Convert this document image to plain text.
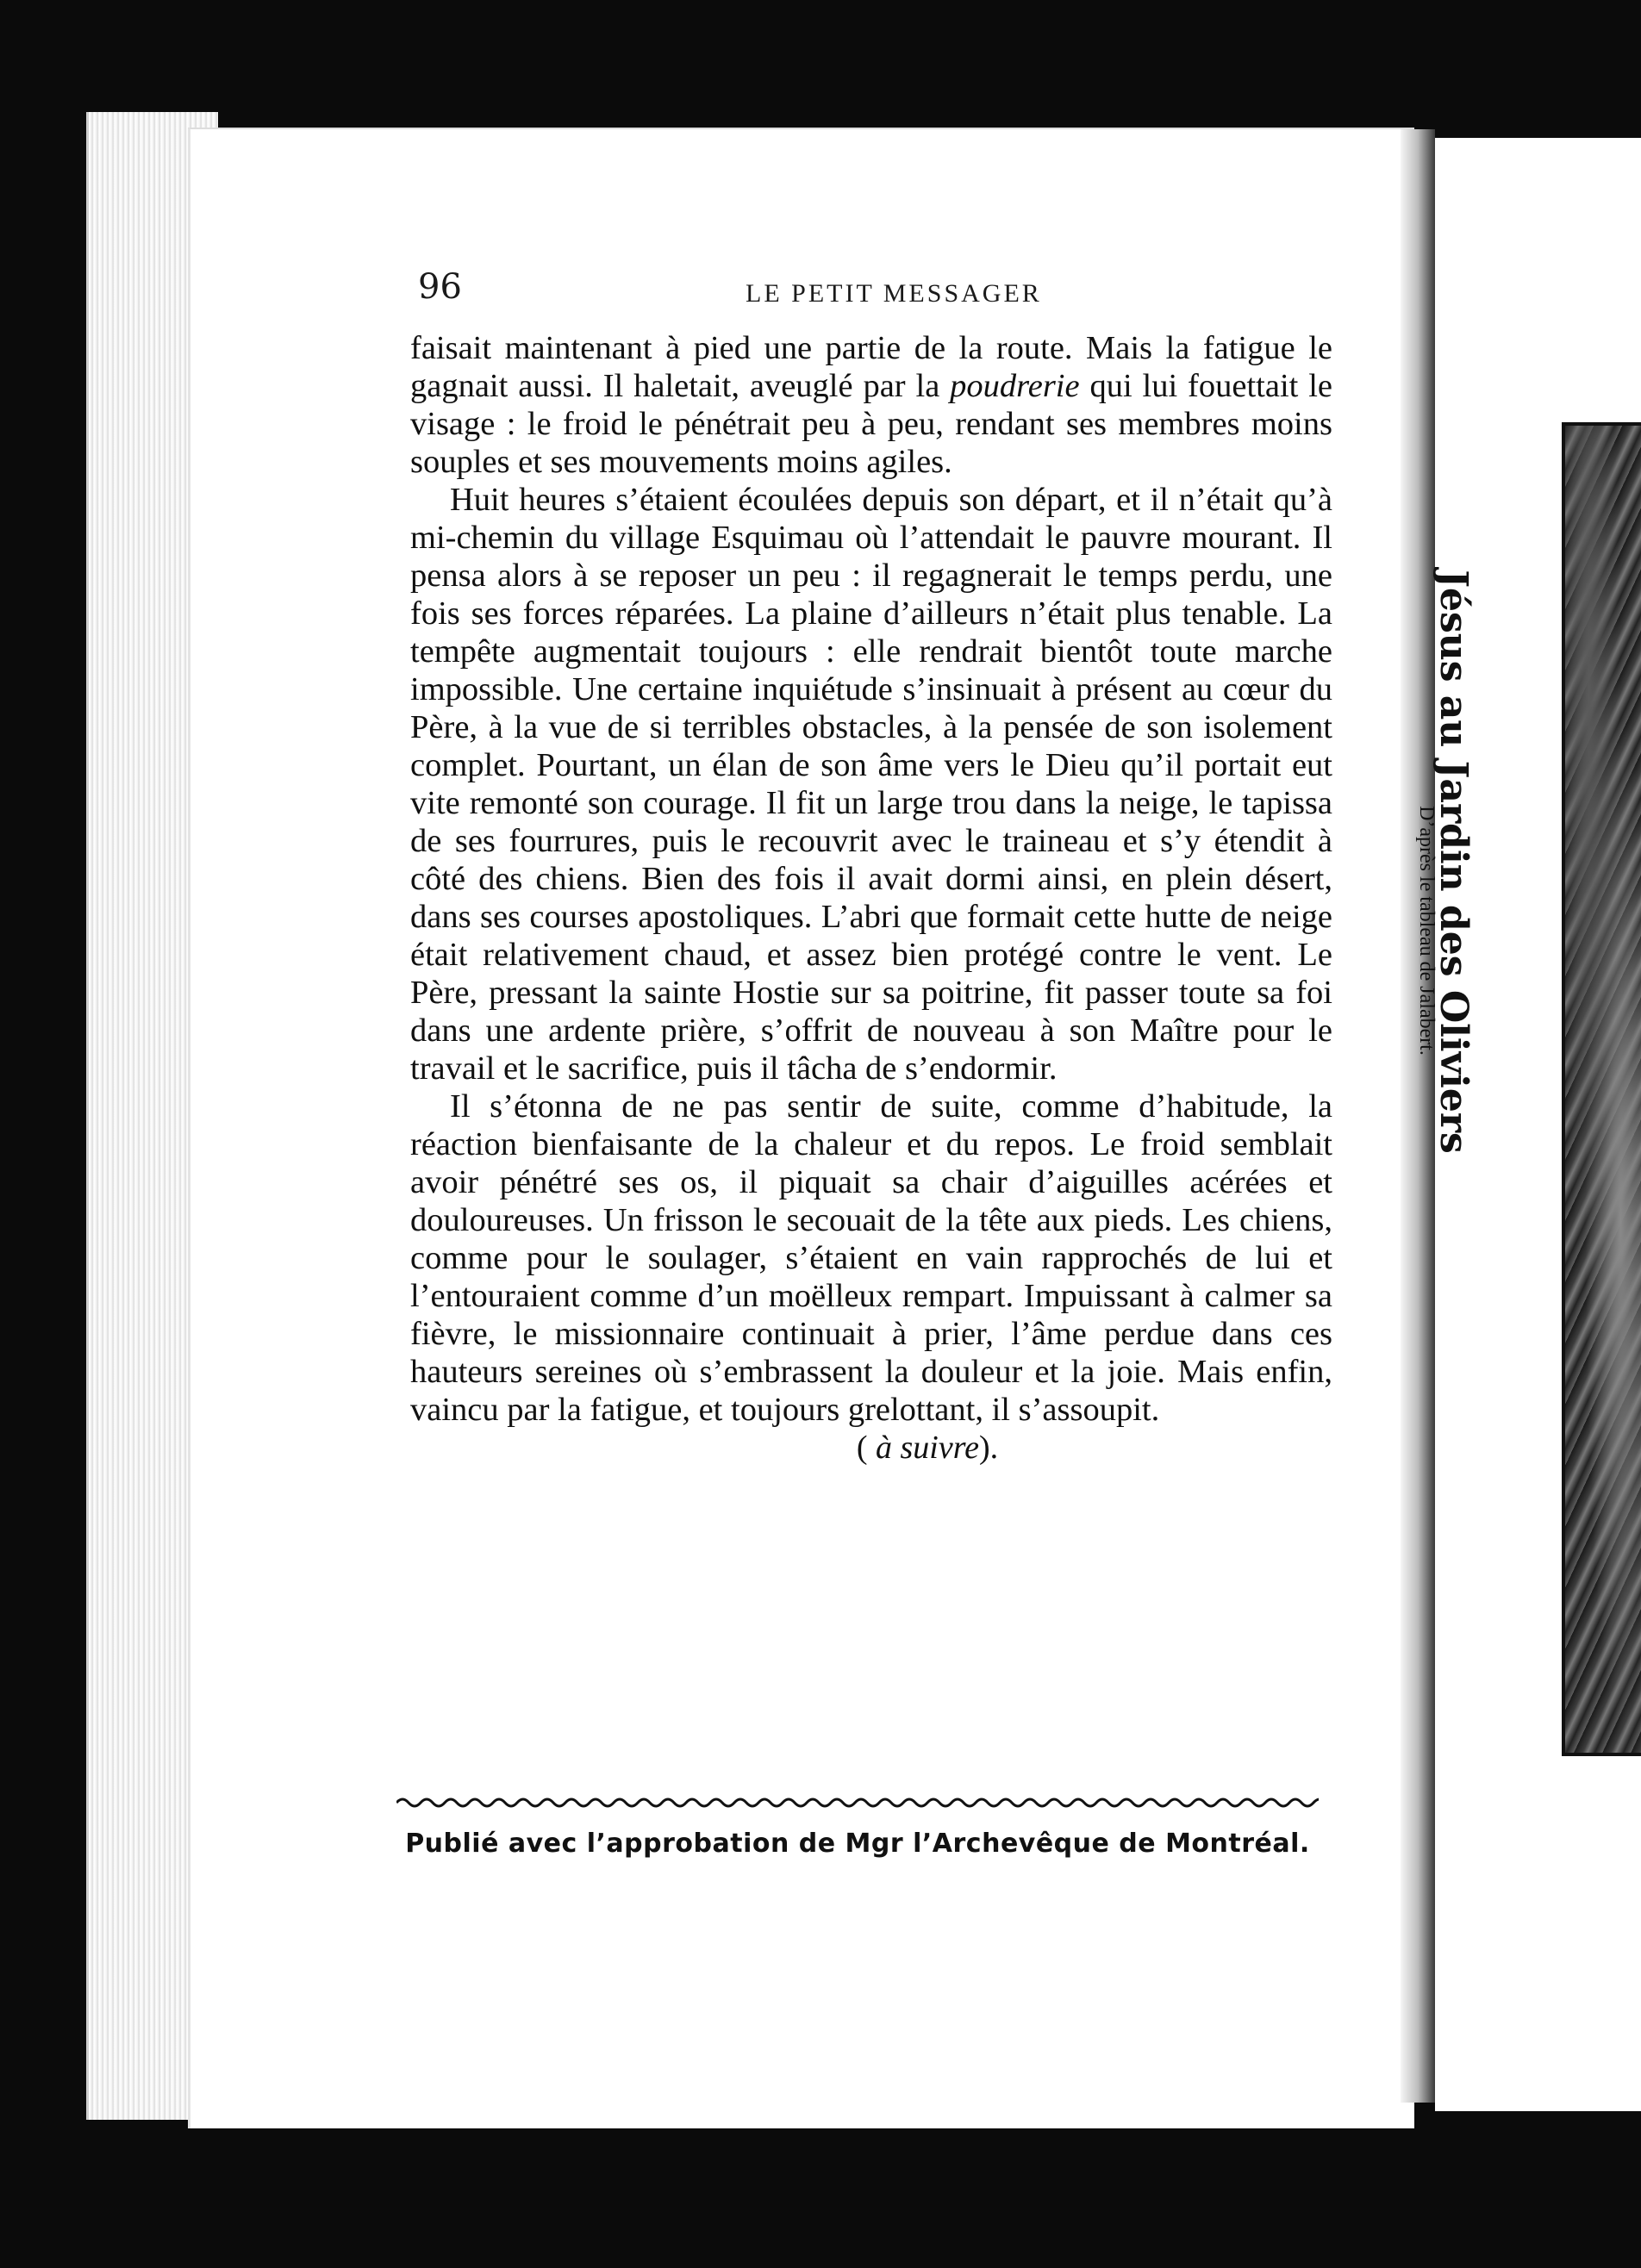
96	LE PETIT MESSAGER

faisait maintenant à pied une partie de la route. Mais la fatigue le gagnait aussi. Il haletait, aveuglé par la poudrerie qui lui fouettait le visage : le froid le pénétrait peu à peu, rendant ses membres moins souples et ses mouvements moins agiles.

Huit heures s’étaient écoulées depuis son départ, et il n’était qu’à mi-chemin du village Esquimau où l’attendait le pauvre mourant. Il pensa alors à se reposer un peu : il regagnerait le temps perdu, une fois ses forces réparées. La plaine d’ailleurs n’était plus tenable. La tempête augmentait toujours : elle rendrait bientôt toute marche impossible. Une certaine inquiétude s’insinuait à présent au cœur du Père, à la vue de si terribles obstacles, à la pensée de son isolement complet. Pourtant, un élan de son âme vers le Dieu qu’il portait eut vite remonté son courage. Il fit un large trou dans la neige, le tapissa de ses fourrures, puis le recouvrit avec le traineau et s’y étendit à côté des chiens. Bien des fois il avait dormi ainsi, en plein désert, dans ses courses apostoliques. L’abri que formait cette hutte de neige était relativement chaud, et assez bien protégé contre le vent. Le Père, pressant la sainte Hostie sur sa poitrine, fit passer toute sa foi dans une ardente prière, s’offrit de nouveau à son Maître pour le travail et le sacrifice, puis il tâcha de s’endormir.

Il s’étonna de ne pas sentir de suite, comme d’habitude, la réaction bienfaisante de la chaleur et du repos. Le froid semblait avoir pénétré ses os, il piquait sa chair d’aiguilles acérées et douloureuses. Un frisson le secouait de la tête aux pieds. Les chiens, comme pour le soulager, s’étaient en vain rapprochés de lui et l’entouraient comme d’un moëlleux rempart. Impuissant à calmer sa fièvre, le missionnaire continuait à prier, l’âme perdue dans ces hauteurs sereines où s’embrassent la douleur et la joie. Mais enfin, vaincu par la fatigue, et toujours grelottant, il s’assoupit.

( à suivre).

Publié avec l’approbation de Mgr l’Archevêque de Montréal.
Jésus au Jardin des Oliviers
D’après le tableau de Jalabert.
